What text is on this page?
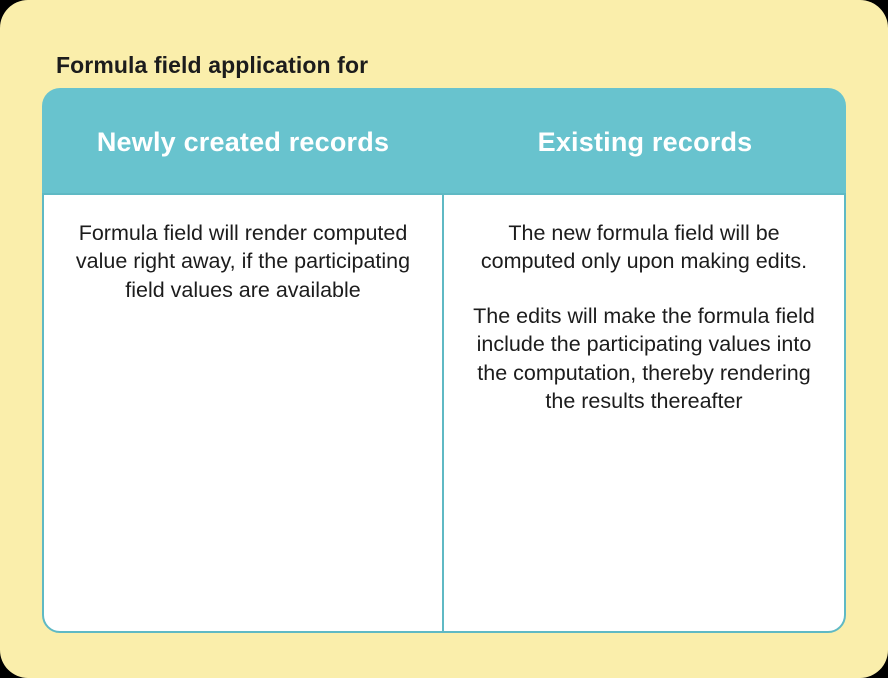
Formula field application for
Newly created records	Existing records
Formula field will render computed value right away, if the participating field values are available
The new formula field will be computed only upon making edits.
The edits will make the formula field include the participating values into the computation, thereby rendering the results thereafter
